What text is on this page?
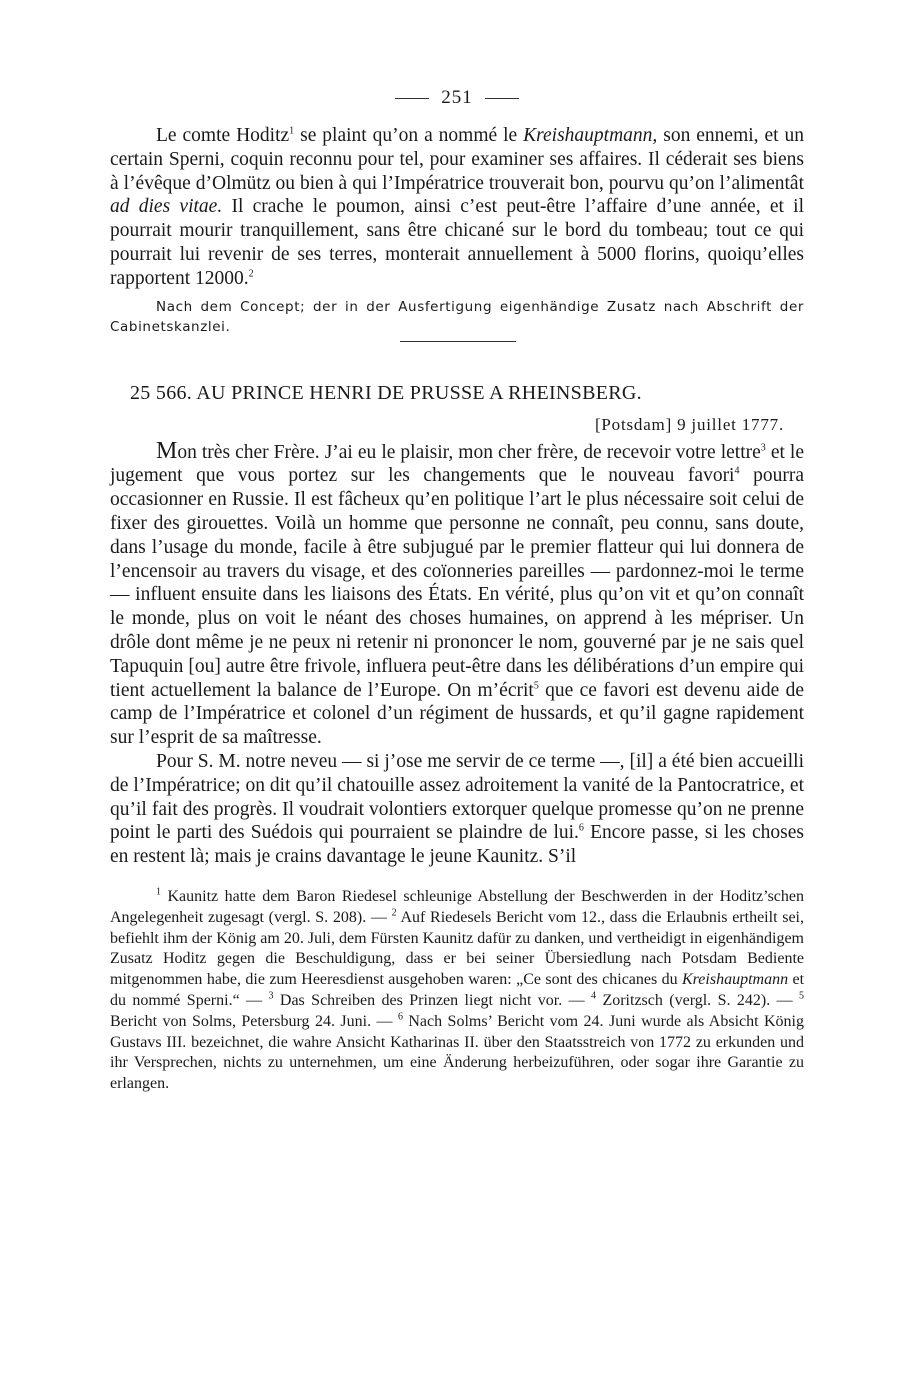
251

Le comte Hoditz$^1$ se plaint qu’on a nommé le Kreishauptmann, son ennemi, et un certain Sperni, coquin reconnu pour tel, pour examiner ses affaires. Il céderait ses biens à l’évêque d’Olmütz ou bien à qui l’Impératrice trouverait bon, pourvu qu’on l’alimentât ad dies vitae. Il crache le poumon, ainsi c’est peut-être l’affaire d’une année, et il pourrait mourir tranquillement, sans être chicané sur le bord du tombeau; tout ce qui pourrait lui revenir de ses terres, monterait annuellement à 5000 florins, quoiqu’elles rapportent 12000.$^2$

Nach dem Concept; der in der Ausfertigung eigenhändige Zusatz nach Abschrift der Cabinetskanzlei.

25 566. AU PRINCE HENRI DE PRUSSE A RHEINSBERG.
[Potsdam] 9 juillet 1777.

Mon très cher Frère. J’ai eu le plaisir, mon cher frère, de recevoir votre lettre$^3$ et le jugement que vous portez sur les changements que le nouveau favori$^4$ pourra occasionner en Russie. Il est fâcheux qu’en politique l’art le plus nécessaire soit celui de fixer des girouettes. Voilà un homme que personne ne connaît, peu connu, sans doute, dans l’usage du monde, facile à être subjugué par le premier flatteur qui lui donnera de l’encensoir au travers du visage, et des coïonneries pareilles — pardonnez-moi le terme — influent ensuite dans les liaisons des États. En vérité, plus qu’on vit et qu’on connaît le monde, plus on voit le néant des choses humaines, on apprend à les mépriser. Un drôle dont même je ne peux ni retenir ni prononcer le nom, gouverné par je ne sais quel Tapuquin [ou] autre être frivole, influera peut-être dans les délibérations d’un empire qui tient actuellement la balance de l’Europe. On m’écrit$^5$ que ce favori est devenu aide de camp de l’Impératrice et colonel d’un régiment de hussards, et qu’il gagne rapidement sur l’esprit de sa maîtresse.

Pour S. M. notre neveu — si j’ose me servir de ce terme —, [il] a été bien accueilli de l’Impératrice; on dit qu’il chatouille assez adroitement la vanité de la Pantocratrice, et qu’il fait des progrès. Il voudrait volontiers extorquer quelque promesse qu’on ne prenne point le parti des Suédois qui pourraient se plaindre de lui.$^6$ Encore passe, si les choses en restent là; mais je crains davantage le jeune Kaunitz. S’il

$^1$ Kaunitz hatte dem Baron Riedesel schleunige Abstellung der Beschwerden in der Hoditz’schen Angelegenheit zugesagt (vergl. S. 208). — $^2$ Auf Riedesels Bericht vom 12., dass die Erlaubnis ertheilt sei, befiehlt ihm der König am 20. Juli, dem Fürsten Kaunitz dafür zu danken, und vertheidigt in eigenhändigem Zusatz Hoditz gegen die Beschuldigung, dass er bei seiner Übersiedlung nach Potsdam Bediente mitgenommen habe, die zum Heeresdienst ausgehoben waren: „Ce sont des chicanes du Kreishauptmann et du nommé Sperni.“ — $^3$ Das Schreiben des Prinzen liegt nicht vor. — $^4$ Zoritzsch (vergl. S. 242). — $^5$ Bericht von Solms, Petersburg 24. Juni. — $^6$ Nach Solms’ Bericht vom 24. Juni wurde als Absicht König Gustavs III. bezeichnet, die wahre Ansicht Katharinas II. über den Staatsstreich von 1772 zu erkunden und ihr Versprechen, nichts zu unternehmen, um eine Änderung herbeizuführen, oder sogar ihre Garantie zu erlangen.
